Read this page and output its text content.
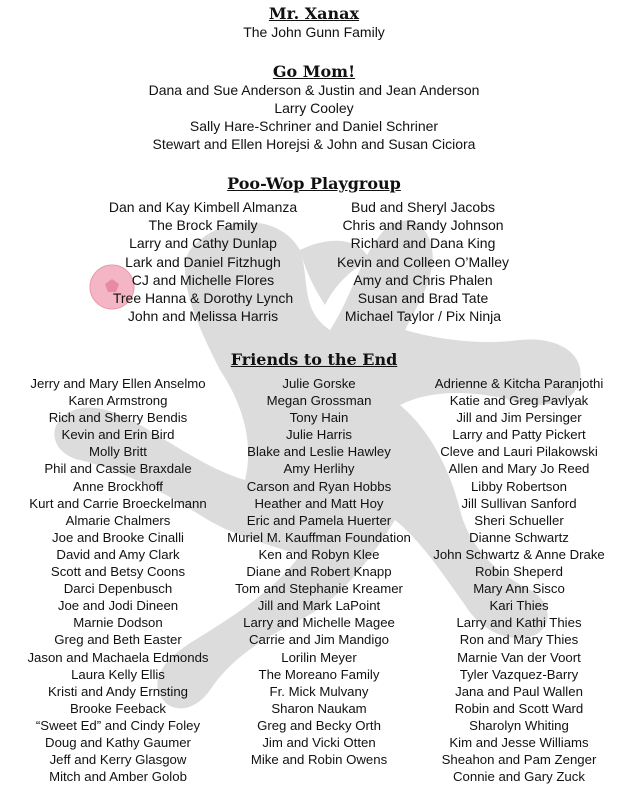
Mr. Xanax
The John Gunn Family
Go Mom!
Dana and Sue Anderson & Justin and Jean Anderson
Larry Cooley
Sally Hare-Schriner and Daniel Schriner
Stewart and Ellen Horejsi & John and Susan Ciciora
Poo-Wop Playgroup
Dan and Kay Kimbell Almanza
The Brock Family
Larry and Cathy Dunlap
Lark and Daniel Fitzhugh
CJ and Michelle Flores
Tree Hanna & Dorothy Lynch
John and Melissa Harris
Bud and Sheryl Jacobs
Chris and Randy Johnson
Richard and Dana King
Kevin and Colleen O’Malley
Amy and Chris Phalen
Susan and Brad Tate
Michael Taylor / Pix Ninja
Friends to the End
Jerry and Mary Ellen Anselmo
Karen Armstrong
Rich and Sherry Bendis
Kevin and Erin Bird
Molly Britt
Phil and Cassie Braxdale
Anne Brockhoff
Kurt and Carrie Broeckelmann
Almarie Chalmers
Joe and Brooke Cinalli
David and Amy Clark
Scott and Betsy Coons
Darci Depenbusch
Joe and Jodi Dineen
Marnie Dodson
Greg and Beth Easter
Jason and Machaela Edmonds
Laura Kelly Ellis
Kristi and Andy Ernsting
Brooke Feeback
“Sweet Ed” and Cindy Foley
Doug and Kathy Gaumer
Jeff and Kerry Glasgow
Mitch and Amber Golob
Julie Gorske
Megan Grossman
Tony Hain
Julie Harris
Blake and Leslie Hawley
Amy Herlihy
Carson and Ryan Hobbs
Heather and Matt Hoy
Eric and Pamela Huerter
Muriel M. Kauffman Foundation
Ken and Robyn Klee
Diane and Robert Knapp
Tom and Stephanie Kreamer
Jill and Mark LaPoint
Larry and Michelle Magee
Carrie and Jim Mandigo
Lorilin Meyer
The Moreano Family
Fr. Mick Mulvany
Sharon Naukam
Greg and Becky Orth
Jim and Vicki Otten
Mike and Robin Owens
Adrienne & Kitcha Paranjothi
Katie and Greg Pavlyak
Jill and Jim Persinger
Larry and Patty Pickert
Cleve and Lauri Pilakowski
Allen and Mary Jo Reed
Libby Robertson
Jill Sullivan Sanford
Sheri Schueller
Dianne Schwartz
John Schwartz & Anne Drake
Robin Sheperd
Mary Ann Sisco
Kari Thies
Larry and Kathi Thies
Ron and Mary Thies
Marnie Van der Voort
Tyler Vazquez-Barry
Jana and Paul Wallen
Robin and Scott Ward
Sharolyn Whiting
Kim and Jesse Williams
Sheahon and Pam Zenger
Connie and Gary Zuck
